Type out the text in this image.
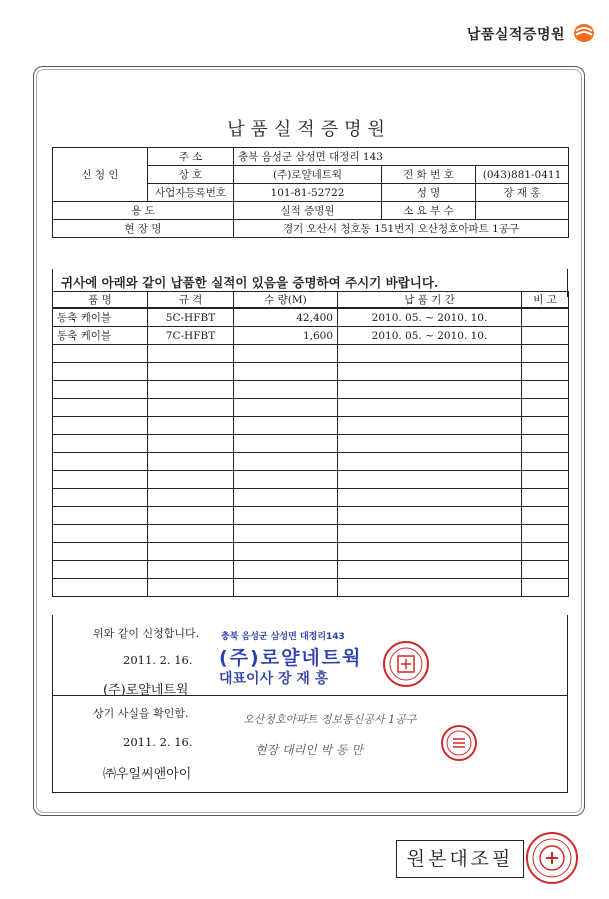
납품실적증명원
납품실적증명원
신 청 인	주 소	충북 음성군 삼성면 대정리 143		
	상 호	(주)로얄네트웍	전 화 번 호	(043)881-0411
	사업자등록번호	101-81-52722	성 명	장 재 홍
용 도		실적 증명원	소 요 부 수	
현 장 명		경기 오산시 청호동 151번지 오산청호아파트 1공구		
귀사에 아래와 같이 납품한 실적이 있음을 증명하여 주시기 바랍니다.
품 명	규 격	수 량(M)	납 품 기 간	비 고
동축 케이블	5C-HFBT	42,400	2010. 05. ~ 2010. 10.	
동축 케이블	7C-HFBT	1,600	2010. 05. ~ 2010. 10.	

위와 같이 신청합니다.
2011. 2. 16.
(주)로얄네트웍
충북 음성군 삼성면 대정리143
(주)로얄네트웍
대표이사 장 재 홍
상기 사실을 확인함.
2011. 2. 16.
㈜우일씨앤아이
오산청호아파트 정보통신공사 1공구
현장 대리인 박 동 만
원본대조필
